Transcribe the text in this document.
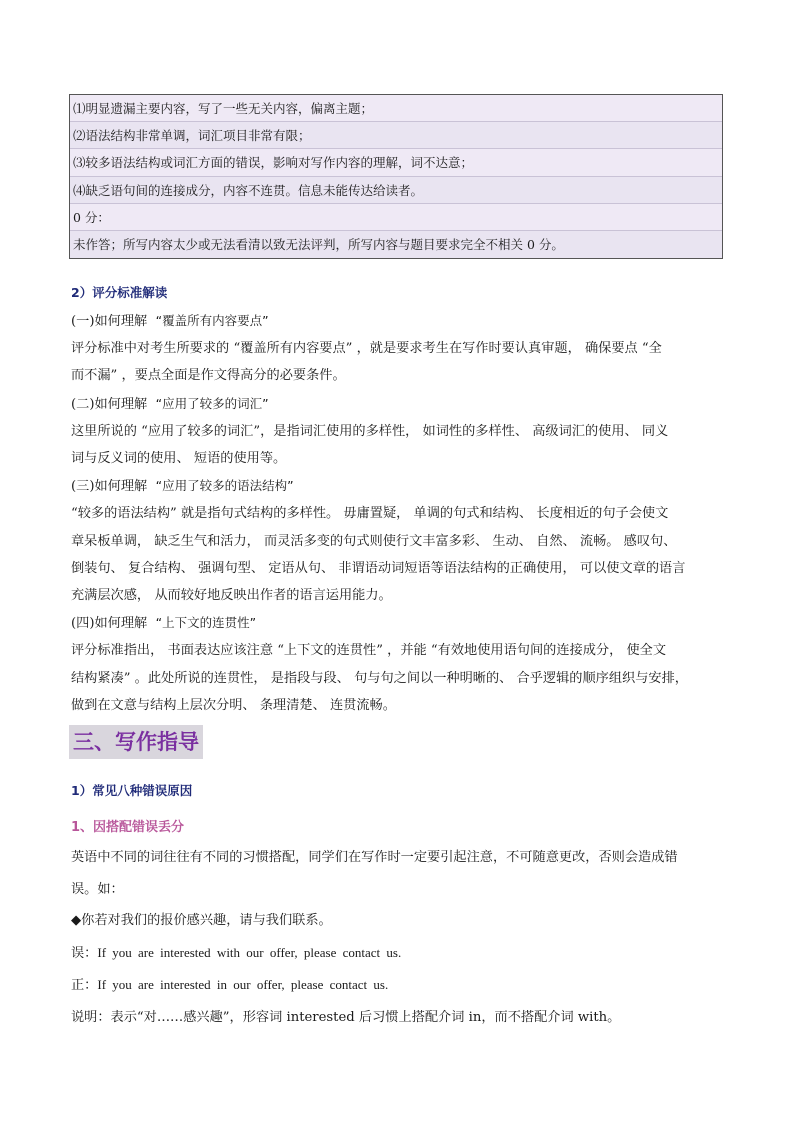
⑴明显遗漏主要内容，写了一些无关内容，偏离主题；
⑵语法结构非常单调，词汇项目非常有限；
⑶较多语法结构或词汇方面的错误，影响对写作内容的理解，词不达意；
⑷缺乏语句间的连接成分，内容不连贯。信息未能传达给读者。
0 分：
未作答；所写内容太少或无法看清以致无法评判，所写内容与题目要求完全不相关 0 分。
2）评分标准解读

(一)如何理解 “覆盖所有内容要点”

评分标准中对考生所要求的 “覆盖所有内容要点” ，就是要求考生在写作时要认真审题， 确保要点 “全

而不漏” ，要点全面是作文得高分的必要条件。

(二)如何理解 “应用了较多的词汇”

这里所说的 “应用了较多的词汇”，是指词汇使用的多样性， 如词性的多样性、 高级词汇的使用、 同义

词与反义词的使用、 短语的使用等。

(三)如何理解 “应用了较多的语法结构”

“较多的语法结构” 就是指句式结构的多样性。 毋庸置疑， 单调的句式和结构、 长度相近的句子会使文

章呆板单调， 缺乏生气和活力， 而灵活多变的句式则使行文丰富多彩、 生动、 自然、 流畅。 感叹句、

倒装句、 复合结构、 强调句型、 定语从句、 非谓语动词短语等语法结构的正确使用， 可以使文章的语言

充满层次感， 从而较好地反映出作者的语言运用能力。

(四)如何理解 “上下文的连贯性”

评分标准指出， 书面表达应该注意 “上下文的连贯性” ，并能 “有效地使用语句间的连接成分， 使全文

结构紧凑” 。此处所说的连贯性， 是指段与段、 句与句之间以一种明晰的、 合乎逻辑的顺序组织与安排，

做到在文意与结构上层次分明、 条理清楚、 连贯流畅。

三、写作指导
1）常见八种错误原因
1、因搭配错误丢分

英语中不同的词往往有不同的习惯搭配，同学们在写作时一定要引起注意，不可随意更改，否则会造成错

误。如：

◆你若对我们的报价感兴趣，请与我们联系。

误：If you are interested with our offer, please contact us.

正：If you are interested in our offer, please contact us.

说明：表示“对……感兴趣”，形容词 interested 后习惯上搭配介词 in，而不搭配介词 with。
